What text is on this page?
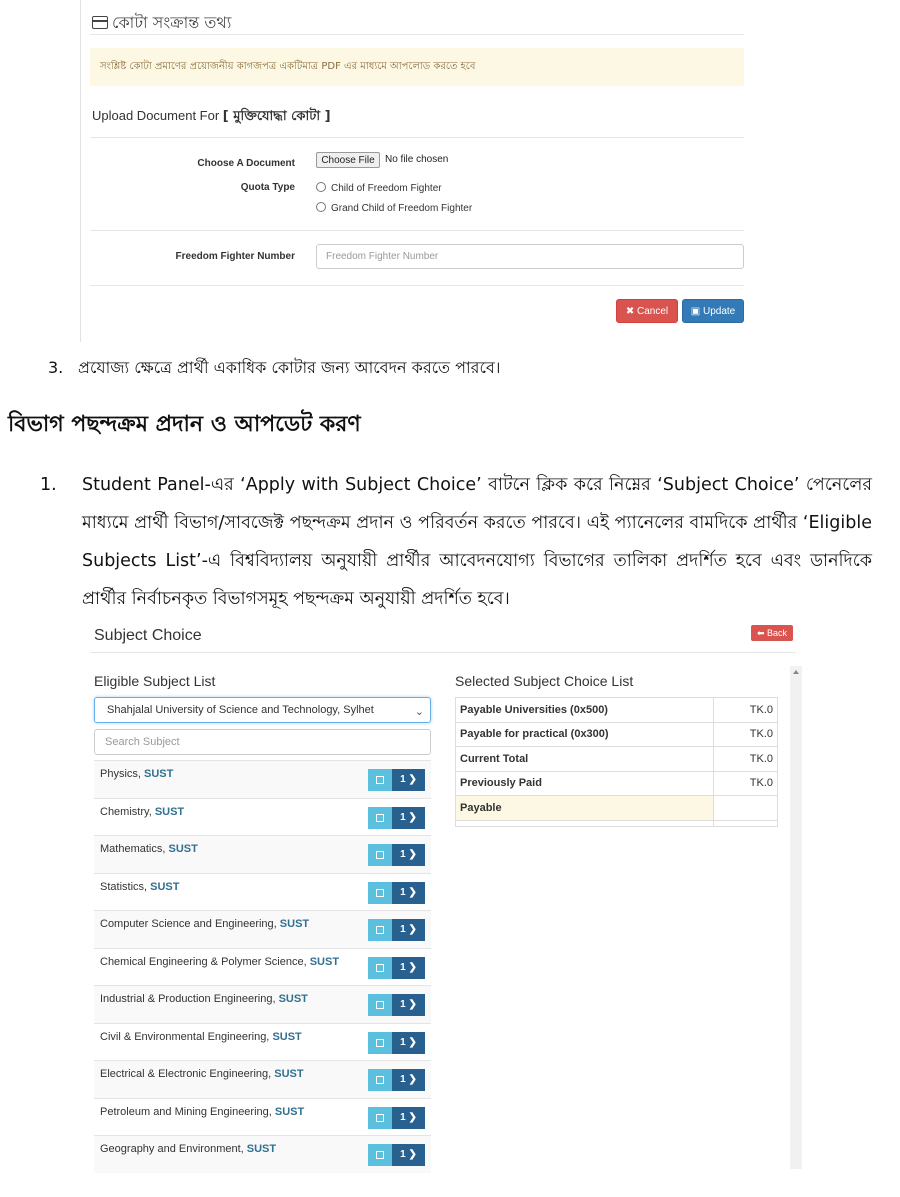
কোটা সংক্রান্ত তথ্য
সংশ্লিষ্ট কোটা প্রমাণের প্রয়োজনীয় কাগজপত্র একটিমাত্র PDF এর মাধ্যমে আপলোড করতে হবে
Upload Document For [ মুক্তিযোদ্ধা কোটা ]
Choose A Document	Choose File	No file chosen
Quota Type	Child of Freedom Fighter
Grand Child of Freedom Fighter
Freedom Fighter Number	Freedom Fighter Number
✖︎ Cancel	▣ Update
3. প্রযোজ্য ক্ষেত্রে প্রার্থী একাধিক কোটার জন্য আবেদন করতে পারবে।
বিভাগ পছন্দক্রম প্রদান ও আপডেট করণ
1. Student Panel-এর ‘Apply with Subject Choice’ বাটনে ক্লিক করে নিম্নের ‘Subject Choice’ পেনেলের মাধ্যমে প্রার্থী বিভাগ/সাবজেক্ট পছন্দক্রম প্রদান ও পরিবর্তন করতে পারবে। এই প্যানেলের বামদিকে প্রার্থীর ‘Eligible Subjects List’-এ বিশ্ববিদ্যালয় অনুযায়ী প্রার্থীর আবেদনযোগ্য বিভাগের তালিকা প্রদর্শিত হবে এবং ডানদিকে প্রার্থীর নির্বাচনকৃত বিভাগসমূহ পছন্দক্রম অনুযায়ী প্রদর্শিত হবে।
Subject Choice	⬅︎ Back
Eligible Subject List
Shahjalal University of Science and Technology, Sylhet	⌄
Search Subject
Physics, SUST	1 ❯
Chemistry, SUST	1 ❯
Mathematics, SUST	1 ❯
Statistics, SUST	1 ❯
Computer Science and Engineering, SUST	1 ❯
Chemical Engineering & Polymer Science, SUST	1 ❯
Industrial & Production Engineering, SUST	1 ❯
Civil & Environmental Engineering, SUST	1 ❯
Electrical & Electronic Engineering, SUST	1 ❯
Petroleum and Mining Engineering, SUST	1 ❯
Geography and Environment, SUST	1 ❯
Selected Subject Choice List
Payable Universities (0x500)	TK.0
Payable for practical (0x300)	TK.0
Current Total	TK.0
Previously Paid	TK.0
Payable	
